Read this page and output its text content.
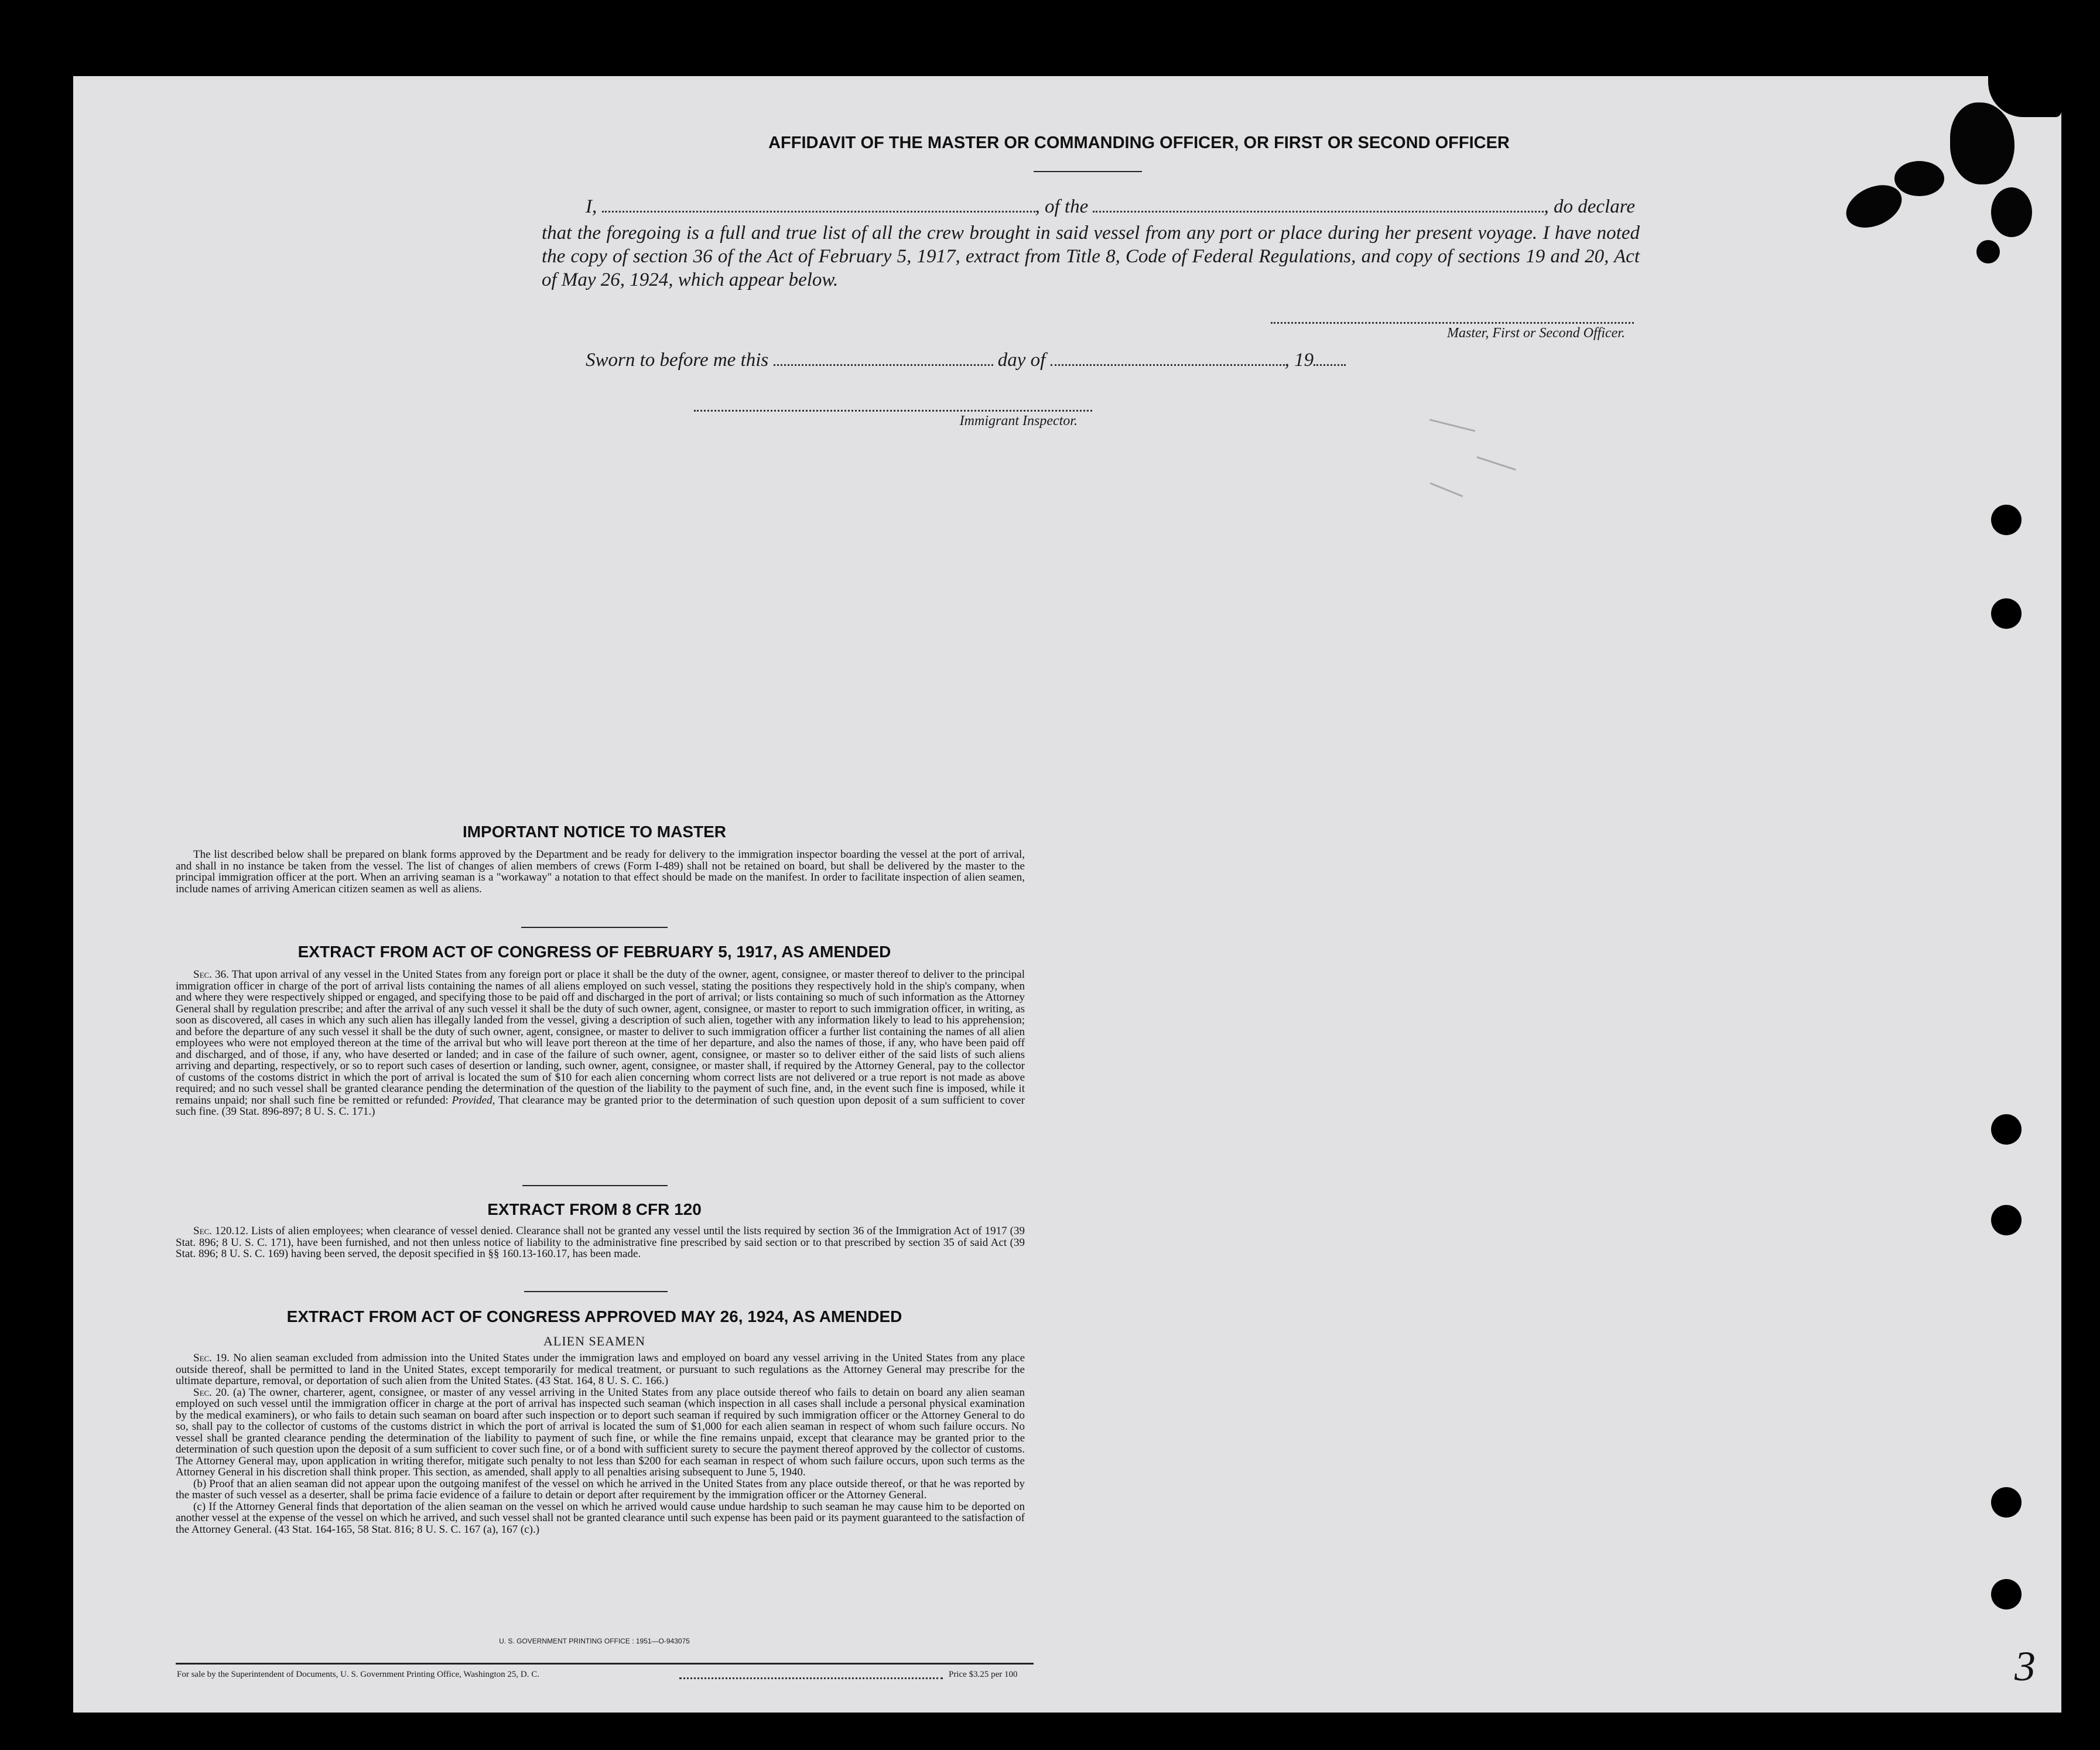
AFFIDAVIT OF THE MASTER OR COMMANDING OFFICER, OR FIRST OR SECOND OFFICER
I,	, of the	, do declare
that the foregoing is a full and true list of all the crew brought in said vessel from any port or place during her present voyage. I have noted the copy of section 36 of the Act of February 5, 1917, extract from Title 8, Code of Federal Regulations, and copy of sections 19 and 20, Act of May 26, 1924, which appear below.
Master, First or Second Officer.
Sworn to before me this	day of	, 19
Immigrant Inspector.
IMPORTANT NOTICE TO MASTER
The list described below shall be prepared on blank forms approved by the Department and be ready for delivery to the immigration inspector boarding the vessel at the port of arrival, and shall in no instance be taken from the vessel. The list of changes of alien members of crews (Form I-489) shall not be retained on board, but shall be delivered by the master to the principal immigration officer at the port. When an arriving seaman is a "workaway" a notation to that effect should be made on the manifest. In order to facilitate inspection of alien seamen, include names of arriving American citizen seamen as well as aliens.
EXTRACT FROM ACT OF CONGRESS OF FEBRUARY 5, 1917, AS AMENDED
Sec. 36. That upon arrival of any vessel in the United States from any foreign port or place it shall be the duty of the owner, agent, consignee, or master thereof to deliver to the principal immigration officer in charge of the port of arrival lists containing the names of all aliens employed on such vessel, stating the positions they respectively hold in the ship's company, when and where they were respectively shipped or engaged, and specifying those to be paid off and discharged in the port of arrival; or lists containing so much of such information as the Attorney General shall by regulation prescribe; and after the arrival of any such vessel it shall be the duty of such owner, agent, consignee, or master to report to such immigration officer, in writing, as soon as discovered, all cases in which any such alien has illegally landed from the vessel, giving a description of such alien, together with any information likely to lead to his apprehension; and before the departure of any such vessel it shall be the duty of such owner, agent, consignee, or master to deliver to such immigration officer a further list containing the names of all alien employees who were not employed thereon at the time of the arrival but who will leave port thereon at the time of her departure, and also the names of those, if any, who have been paid off and discharged, and of those, if any, who have deserted or landed; and in case of the failure of such owner, agent, consignee, or master so to deliver either of the said lists of such aliens arriving and departing, respectively, or so to report such cases of desertion or landing, such owner, agent, consignee, or master shall, if required by the Attorney General, pay to the collector of customs of the costoms district in which the port of arrival is located the sum of $10 for each alien concerning whom correct lists are not delivered or a true report is not made as above required; and no such vessel shall be granted clearance pending the determination of the question of the liability to the payment of such fine, and, in the event such fine is imposed, while it remains unpaid; nor shall such fine be remitted or refunded: Provided, That clearance may be granted prior to the determination of such question upon deposit of a sum sufficient to cover such fine. (39 Stat. 896-897; 8 U. S. C. 171.)
EXTRACT FROM 8 CFR 120
Sec. 120.12. Lists of alien employees; when clearance of vessel denied. Clearance shall not be granted any vessel until the lists required by section 36 of the Immigration Act of 1917 (39 Stat. 896; 8 U. S. C. 171), have been furnished, and not then unless notice of liability to the administrative fine prescribed by said section or to that prescribed by section 35 of said Act (39 Stat. 896; 8 U. S. C. 169) having been served, the deposit specified in §§ 160.13-160.17, has been made.
EXTRACT FROM ACT OF CONGRESS APPROVED MAY 26, 1924, AS AMENDED
ALIEN SEAMEN

Sec. 19. No alien seaman excluded from admission into the United States under the immigration laws and employed on board any vessel arriving in the United States from any place outside thereof, shall be permitted to land in the United States, except temporarily for medical treatment, or pursuant to such regulations as the Attorney General may prescribe for the ultimate departure, removal, or deportation of such alien from the United States. (43 Stat. 164, 8 U. S. C. 166.)

Sec. 20. (a) The owner, charterer, agent, consignee, or master of any vessel arriving in the United States from any place outside thereof who fails to detain on board any alien seaman employed on such vessel until the immigration officer in charge at the port of arrival has inspected such seaman (which inspection in all cases shall include a personal physical examination by the medical examiners), or who fails to detain such seaman on board after such inspection or to deport such seaman if required by such immigration officer or the Attorney General to do so, shall pay to the collector of customs of the customs district in which the port of arrival is located the sum of $1,000 for each alien seaman in respect of whom such failure occurs. No vessel shall be granted clearance pending the determination of the liability to payment of such fine, or while the fine remains unpaid, except that clearance may be granted prior to the determination of such question upon the deposit of a sum sufficient to cover such fine, or of a bond with sufficient surety to secure the payment thereof approved by the collector of customs. The Attorney General may, upon application in writing therefor, mitigate such penalty to not less than $200 for each seaman in respect of whom such failure occurs, upon such terms as the Attorney General in his discretion shall think proper. This section, as amended, shall apply to all penalties arising subsequent to June 5, 1940.

(b) Proof that an alien seaman did not appear upon the outgoing manifest of the vessel on which he arrived in the United States from any place outside thereof, or that he was reported by the master of such vessel as a deserter, shall be prima facie evidence of a failure to detain or deport after requirement by the immigration officer or the Attorney General.

(c) If the Attorney General finds that deportation of the alien seaman on the vessel on which he arrived would cause undue hardship to such seaman he may cause him to be deported on another vessel at the expense of the vessel on which he arrived, and such vessel shall not be granted clearance until such expense has been paid or its payment guaranteed to the satisfaction of the Attorney General. (43 Stat. 164-165, 58 Stat. 816; 8 U. S. C. 167 (a), 167 (c).)

U. S. GOVERNMENT PRINTING OFFICE : 1951—O-943075
For sale by the Superintendent of Documents, U. S. Government Printing Office, Washington 25, D. C.	Price $3.25 per 100	3
